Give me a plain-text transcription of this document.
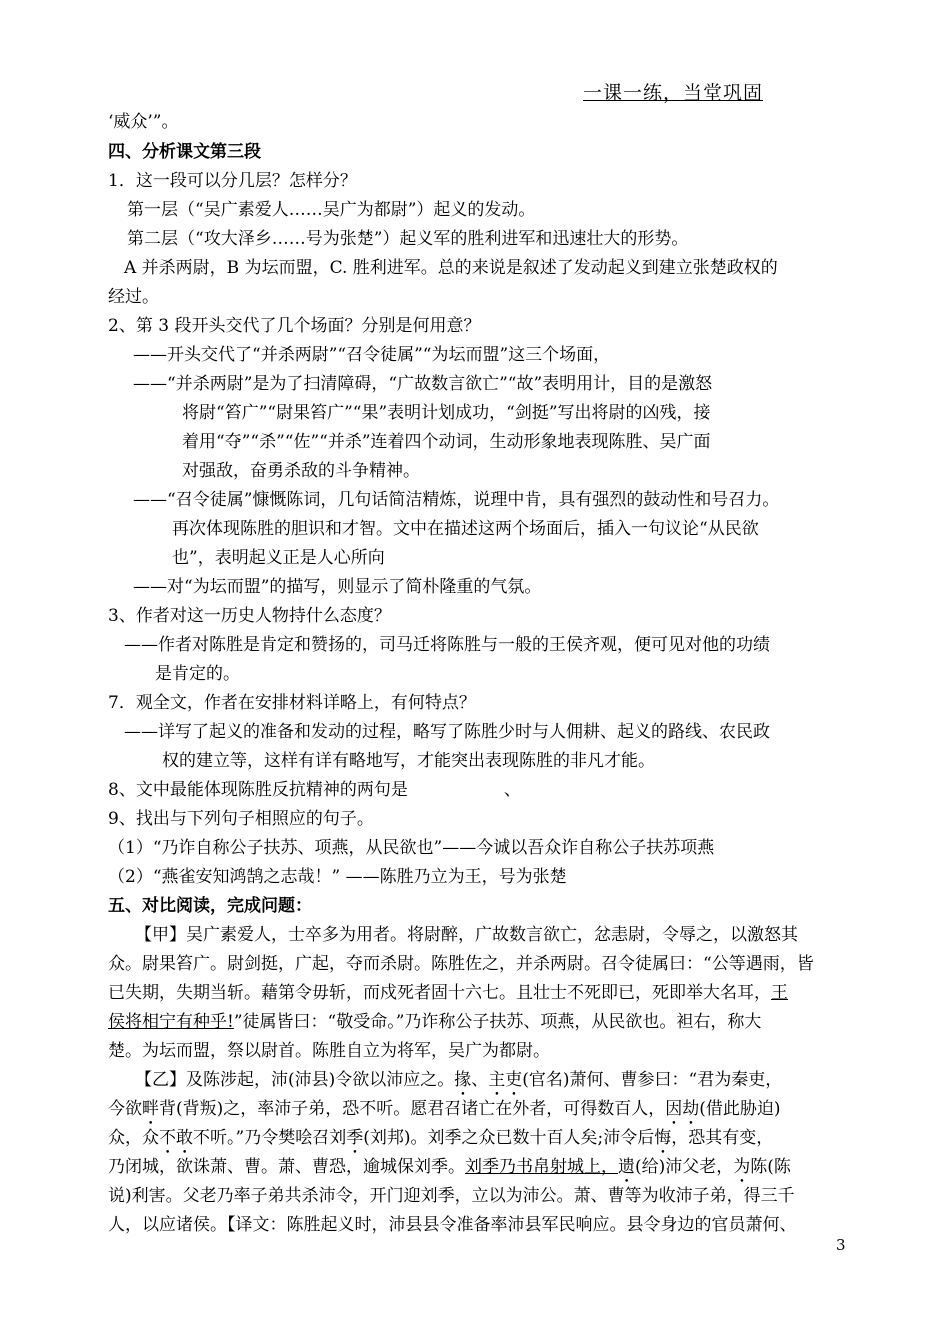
一课一练，当堂巩固
‘威众’”。
四、分析课文第三段
1．这一段可以分几层？怎样分？
第一层（“吴广素爱人……吴广为都尉”）起义的发动。
第二层（“攻大泽乡……号为张楚”）起义军的胜利进军和迅速壮大的形势。
A 并杀两尉，B 为坛而盟，C. 胜利进军。总的来说是叙述了发动起义到建立张楚政权的
经过。
2、第 3 段开头交代了几个场面？分别是何用意？
——开头交代了“并杀两尉”“召令徒属”“为坛而盟”这三个场面，
——“并杀两尉”是为了扫清障碍，“广故数言欲亡”“故”表明用计，目的是激怒
将尉“笞广”“尉果笞广”“果”表明计划成功，“剑挺”写出将尉的凶残，接
着用“夺”“杀”“佐”“并杀”连着四个动词，生动形象地表现陈胜、吴广面
对强敌，奋勇杀敌的斗争精神。
——“召令徒属”慷慨陈词，几句话简洁精炼，说理中肯，具有强烈的鼓动性和号召力。
再次体现陈胜的胆识和才智。文中在描述这两个场面后，插入一句议论“从民欲
也”，表明起义正是人心所向
——对“为坛而盟”的描写，则显示了简朴隆重的气氛。
3、作者对这一历史人物持什么态度？
——作者对陈胜是肯定和赞扬的，司马迁将陈胜与一般的王侯齐观，便可见对他的功绩
是肯定的。
7．观全文，作者在安排材料详略上，有何特点？
——详写了起义的准备和发动的过程，略写了陈胜少时与人佣耕、起义的路线、农民政
权的建立等，这样有详有略地写，才能突出表现陈胜的非凡才能。
8、文中最能体现陈胜反抗精神的两句是	、
9、找出与下列句子相照应的句子。
（1）“乃诈自称公子扶苏、项燕，从民欲也”——今诚以吾众诈自称公子扶苏项燕
（2）“燕雀安知鸿鹄之志哉！” ——陈胜乃立为王，号为张楚
五、对比阅读，完成问题：
【甲】吴广素爱人，士卒多为用者。将尉醉，广故数言欲亡，忿恚尉，令辱之，以激怒其
众。尉果笞广。尉剑挺，广起，夺而杀尉。陈胜佐之，并杀两尉。召令徒属曰：“公等遇雨，皆
已失期，失期当斩。藉第令毋斩，而戍死者固十六七。且壮士不死即已，死即举大名耳，王
侯将相宁有种乎!”徒属皆曰：“敬受命。”乃诈称公子扶苏、项燕，从民欲也。袒右，称大
楚。为坛而盟，祭以尉首。陈胜自立为将军，吴广为都尉。
【乙】及陈涉起，沛(沛县)令欲以沛应之。掾、主吏(官名)萧何、曹参曰：“君为秦吏，
今欲畔背(背叛)之，率沛子弟，恐不听。愿君召诸亡在外者，可得数百人，因劫(借此胁迫)
众，众不敢不听。”乃令樊哙召刘季(刘邦)。刘季之众已数十百人矣;沛令后悔，恐其有变，
乃闭城，欲诛萧、曹。萧、曹恐，逾城保刘季。刘季乃书帛射城上，遗(给)沛父老，为陈(陈
说)利害。父老乃率子弟共杀沛令，开门迎刘季，立以为沛公。萧、曹等为收沛子弟，得三千
人，以应诸侯。【译文：陈胜起义时，沛县县令准备率沛县军民响应。县令身边的官员萧何、
3
